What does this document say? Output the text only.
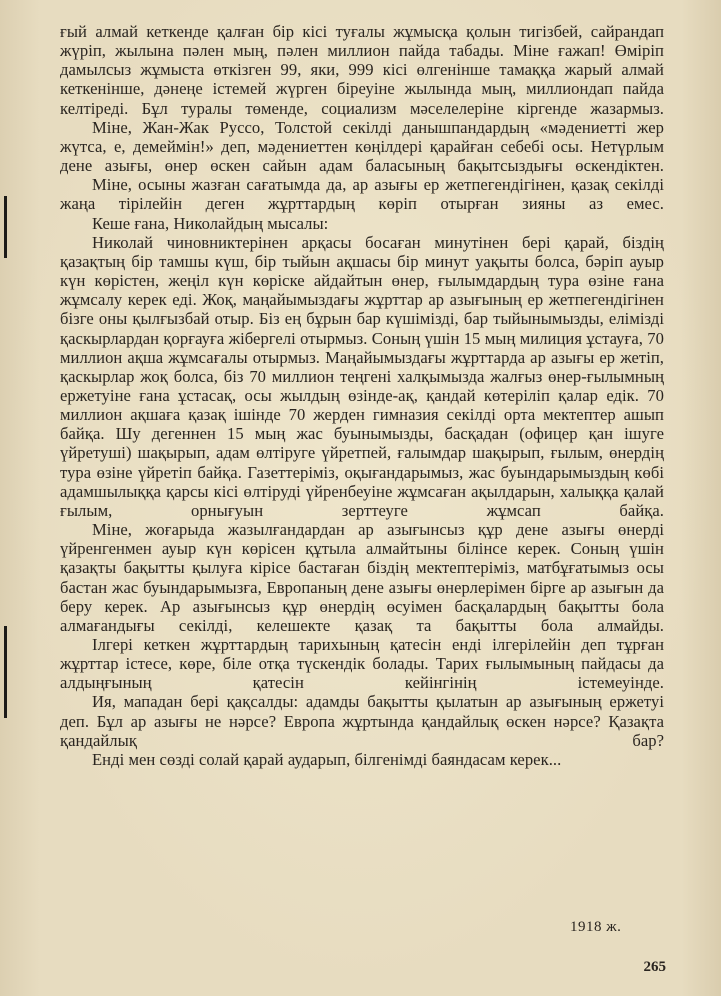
ғый алмай кеткенде қалған бір кісі туғалы жұмысқа қолын тигізбей, сайрандап жүріп, жылына пәлен мың, пәлен миллион пайда табады. Міне ғажап! Өміріп дамылсыз жұмыста өткізген 99, яки, 999 кісі өлгенінше тамаққа жарый алмай кеткенінше, дәнеңе істемей жүрген біреуіне жылында мың, миллиондап пайда келтіреді. Бұл туралы төменде, социализм мәселелеріне кіргенде жазармыз.

Міне, Жан-Жак Руссо, Толстой секілді данышпандардың «мәдениетті жер жүтса, е, демеймін!» деп, мәдениеттен көңілдері қарайған себебі осы. Нетүрлым дене азығы, өнер өскен сайын адам баласының бақытсыздығы өскендіктен.

Міне, осыны жазған сағатымда да, ар азығы ер жетпегендігінен, қазақ секілді жаңа тірілейін деген жұрттардың көріп отырған зияны аз емес.

Кеше ғана, Николайдың мысалы:

Николай чиновниктерінен арқасы босаған минутінен бері қарай, біздің қазақтың бір тамшы күш, бір тыйын ақшасы бір минут уақыты болса, бәріп ауыр күн көрістен, жеңіл күн көріске айдайтын өнер, ғылымдардың тура өзіне ғана жұмсалу керек еді. Жоқ, маңайымыздағы жұрттар ар азығының ер жетпегендігінен бізге оны қылғызбай отыр. Біз ең бұрын бар күшімізді, бар тыйынымызды, елімізді қаскырлардан қорғауға жібергелі отырмыз. Соның үшін 15 мың милиция ұстауға, 70 миллион ақша жұмсағалы отырмыз. Маңайымыздағы жұрттарда ар азығы ер жетіп, қаскырлар жоқ болса, біз 70 миллион теңгені халқымызда жалғыз өнер-ғылымның ержетуіне ғана ұстасақ, осы жылдың өзінде-ақ, қандай көтеріліп қалар едік. 70 миллион ақшаға қазақ ішінде 70 жерден гимназия секілді орта мектептер ашып байқа. Шу дегеннен 15 мың жас буынымызды, басқадан (офицер қан ішуге үйретуші) шақырып, адам өлтіруге үйретпей, ғалымдар шақырып, ғылым, өнердің тура өзіне үйретіп байқа. Газеттеріміз, оқығандарымыз, жас буындарымыздың көбі адамшылыққа қарсы кісі өлтіруді үйренбеуіне жұмсаған ақылдарын, халыққа қалай ғылым, орнығуын зерттеуге жұмсап байқа.

Міне, жоғарыда жазылғандардан ар азығынсыз құр дене азығы өнерді үйренгенмен ауыр күн көрісен құтыла алмайтыны білінсе керек. Соның үшін қазақты бақытты қылуға кірісе бастаған біздің мектептеріміз, матбұғатымыз осы бастан жас буындарымызға, Европаның дене азығы өнерлерімен бірге ар азығын да беру керек. Ар азығынсыз құр өнердің өсуімен басқалардың бақытты бола алмағандығы секілді, келешекте қазақ та бақытты бола алмайды.

Ілгері кеткен жұрттардың тарихының қатесін енді ілгерілейін деп тұрған жұрттар істесе, көре, біле отқа түскендік болады. Тарих ғылымының пайдасы да алдыңғының қатесін кейінгінің істемеуінде.

Ия, мападан бері қақсалды: адамды бақытты қылатын ар азығының ержетуі деп. Бұл ар азығы не нәрсе? Европа жұртында қандайлық өскен нәрсе? Қазақта қандайлық бар?

Енді мен сөзді солай қарай аударып, білгенімді баяндасам керек...

1918 ж.
265
